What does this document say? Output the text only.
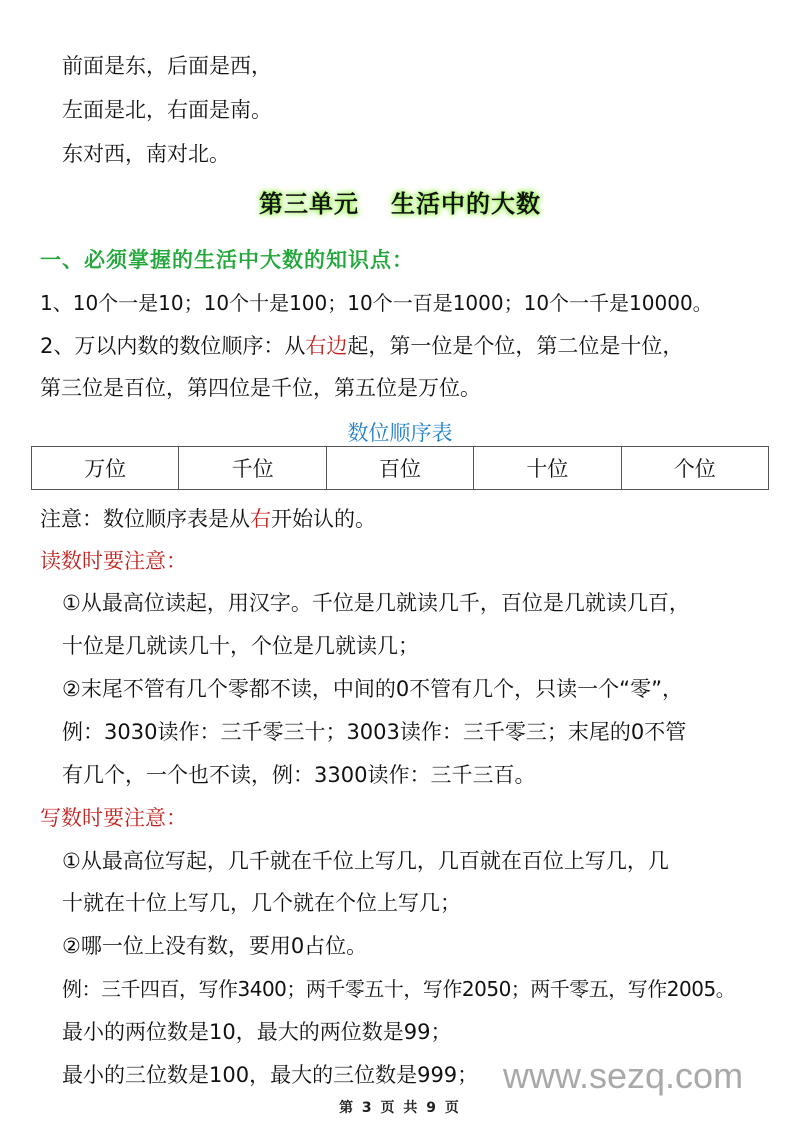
前面是东，后面是西，
左面是北，右面是南。
东对西，南对北。
第三单元 生活中的大数
一、必须掌握的生活中大数的知识点：
1、10个一是10；10个十是100；10个一百是1000；10个一千是10000。
2、万以内数的数位顺序：从右边起，第一位是个位，第二位是十位，
第三位是百位，第四位是千位，第五位是万位。
数位顺序表
万位	千位	百位	十位	个位
注意：数位顺序表是从右开始认的。
读数时要注意：
①从最高位读起，用汉字。千位是几就读几千，百位是几就读几百，
十位是几就读几十，个位是几就读几；
②末尾不管有几个零都不读，中间的0不管有几个，只读一个“零”，
例：3030读作：三千零三十；3003读作：三千零三；末尾的0不管
有几个，一个也不读，例：3300读作：三千三百。
写数时要注意：
①从最高位写起，几千就在千位上写几，几百就在百位上写几，几
十就在十位上写几，几个就在个位上写几；
②哪一位上没有数，要用0占位。
例：三千四百，写作3400；两千零五十，写作2050；两千零五，写作2005。
最小的两位数是10，最大的两位数是99；
最小的三位数是100，最大的三位数是999； www.sezq.com
第 3 页 共 9 页
